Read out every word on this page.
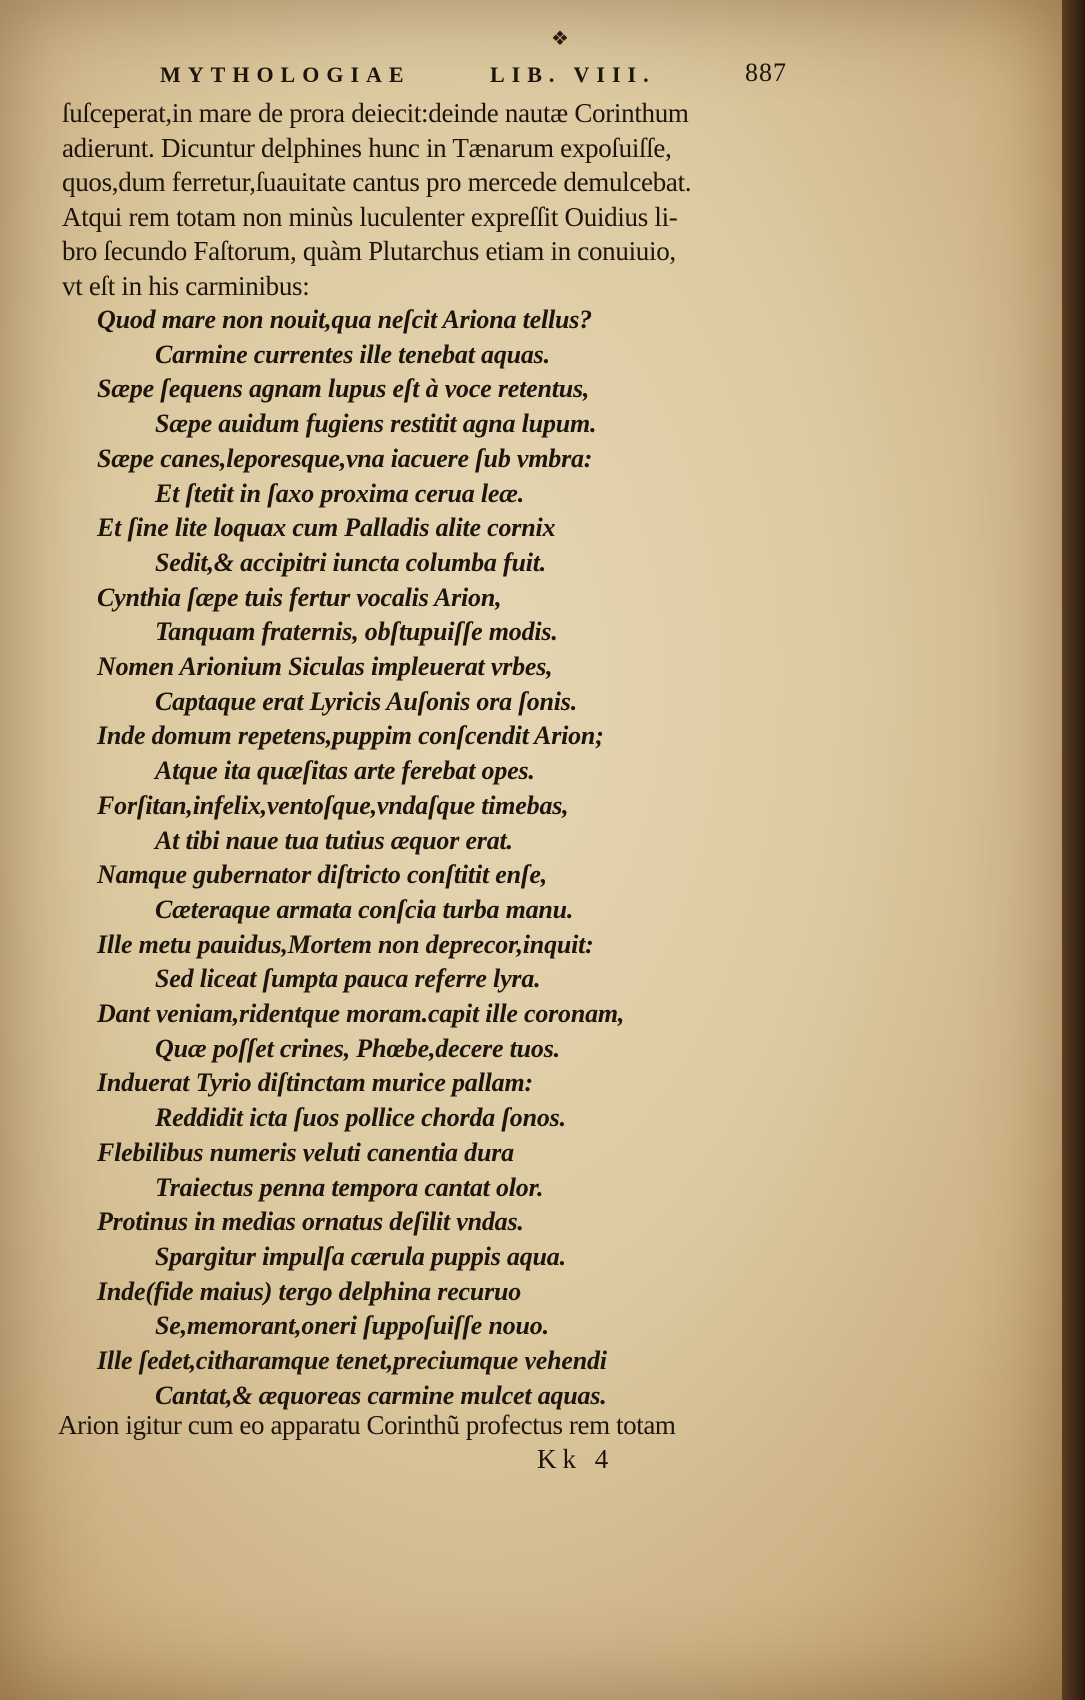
· · · · ·
❖
MYTHOLOGIAE	LIB. VIII.	887
ſuſceperat,in mare de prora deiecit:deinde nautæ Corinthum
adierunt. Dicuntur delphines hunc in Tænarum expoſuiſſe,
quos,dum ferretur,ſuauitate cantus pro mercede demulcebat.
Atqui rem totam non minùs luculenter expreſſit Ouidius li-
bro ſecundo Faſtorum, quàm Plutarchus etiam in conuiuio,
vt eſt in his carminibus:
Quod mare non nouit,qua neſcit Ariona tellus?
Carmine currentes ille tenebat aquas.
Sæpe ſequens agnam lupus eſt à voce retentus,
Sæpe auidum fugiens restitit agna lupum.
Sæpe canes,leporesque,vna iacuere ſub vmbra:
Et ſtetit in ſaxo proxima cerua leæ.
Et ſine lite loquax cum Palladis alite cornix
Sedit,& accipitri iuncta columba fuit.
Cynthia ſæpe tuis fertur vocalis Arion,
Tanquam fraternis, obſtupuiſſe modis.
Nomen Arionium Siculas impleuerat vrbes,
Captaque erat Lyricis Auſonis ora ſonis.
Inde domum repetens,puppim conſcendit Arion;
Atque ita quæſitas arte ferebat opes.
Forſitan,infelix,ventoſque,vndaſque timebas,
At tibi naue tua tutius æquor erat.
Namque gubernator diſtricto conſtitit enſe,
Cæteraque armata conſcia turba manu.
Ille metu pauidus,Mortem non deprecor,inquit:
Sed liceat ſumpta pauca referre lyra.
Dant veniam,ridentque moram.capit ille coronam,
Quæ poſſet crines, Phœbe,decere tuos.
Induerat Tyrio diſtinctam murice pallam:
Reddidit icta ſuos pollice chorda ſonos.
Flebilibus numeris veluti canentia dura
Traiectus penna tempora cantat olor.
Protinus in medias ornatus deſilit vndas.
Spargitur impulſa cærula puppis aqua.
Inde(fide maius) tergo delphina recuruo
Se,memorant,oneri ſuppoſuiſſe nouo.
Ille ſedet,citharamque tenet,preciumque vehendi
Cantat,& æquoreas carmine mulcet aquas.
Arion igitur cum eo apparatu Corinthũ profectus rem totam
Kk 4
